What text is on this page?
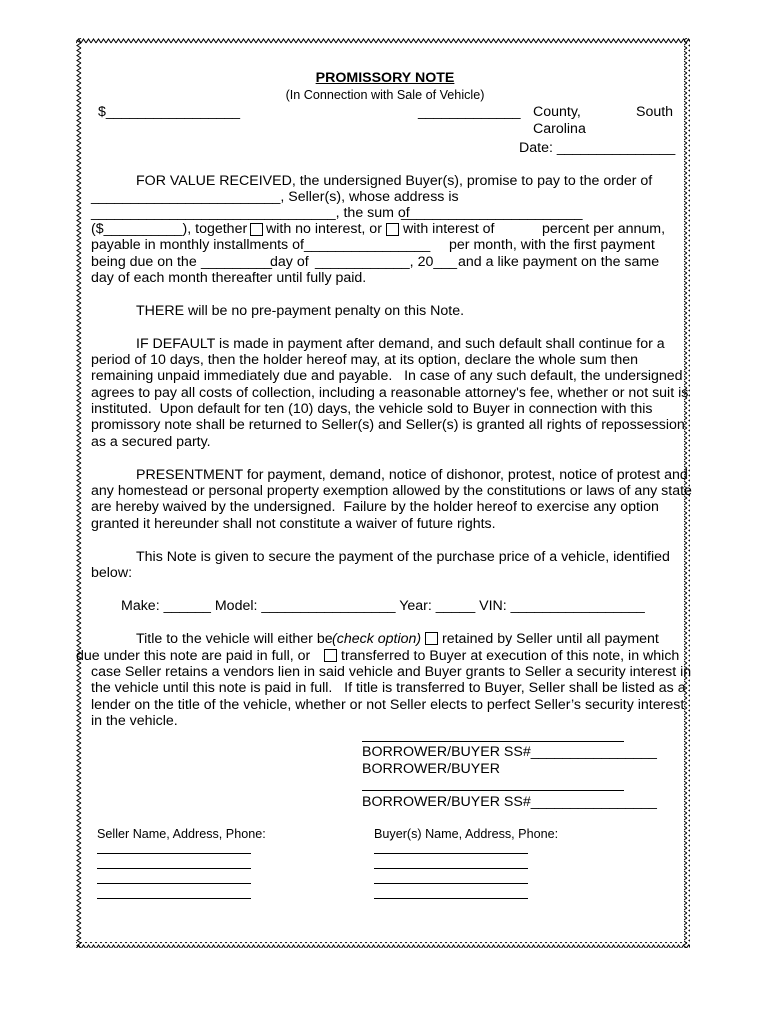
PROMISSORY NOTE
(In Connection with Sale of Vehicle)
$_________________	_____________ County,	South
Carolina
Date: _______________
FOR VALUE RECEIVED, the undersigned Buyer(s), promise to pay to the order of
________________________, Seller(s), whose address is
_______________________________, the sum of
_______________________
($__________), together with no interest, or with interest of	percent per annum,
payable in monthly installments of ________________ per month, with the first payment
being due on the _________
day of ____________, 20___ and a like payment on the same
day of each month thereafter until fully paid.
THERE will be no pre-payment penalty on this Note.
IF DEFAULT is made in payment after demand, and such default shall continue for a
period of 10 days, then the holder hereof may, at its option, declare the whole sum then
remaining unpaid immediately due and payable.   In case of any such default, the undersigned
agrees to pay all costs of collection, including a reasonable attorney's fee, whether or not suit is
instituted.  Upon default for ten (10) days, the vehicle sold to Buyer in connection with this
promissory note shall be returned to Seller(s) and Seller(s) is granted all rights of repossession
as a secured party.
PRESENTMENT for payment, demand, notice of dishonor, protest, notice of protest and
any homestead or personal property exemption allowed by the constitutions or laws of any state
are hereby waived by the undersigned.  Failure by the holder hereof to exercise any option
granted it hereunder shall not constitute a waiver of future rights.
This Note is given to secure the payment of the purchase price of a vehicle, identified
below:
Make: ______ Model: _________________ Year: _____ VIN: _________________
Title to the vehicle will either be (check option) retained by Seller until all payment
due under this note are paid in full, or transferred to Buyer at execution of this note, in which
case Seller retains a vendors lien in said vehicle and Buyer grants to Seller a security interest in
the vehicle until this note is paid in full.   If title is transferred to Buyer, Seller shall be listed as a
lender on the title of the vehicle, whether or not Seller elects to perfect Seller’s security interest
in the vehicle.
BORROWER/BUYER SS#________________
BORROWER/BUYER
BORROWER/BUYER SS#________________
Seller Name, Address, Phone:	Buyer(s) Name, Address, Phone:
